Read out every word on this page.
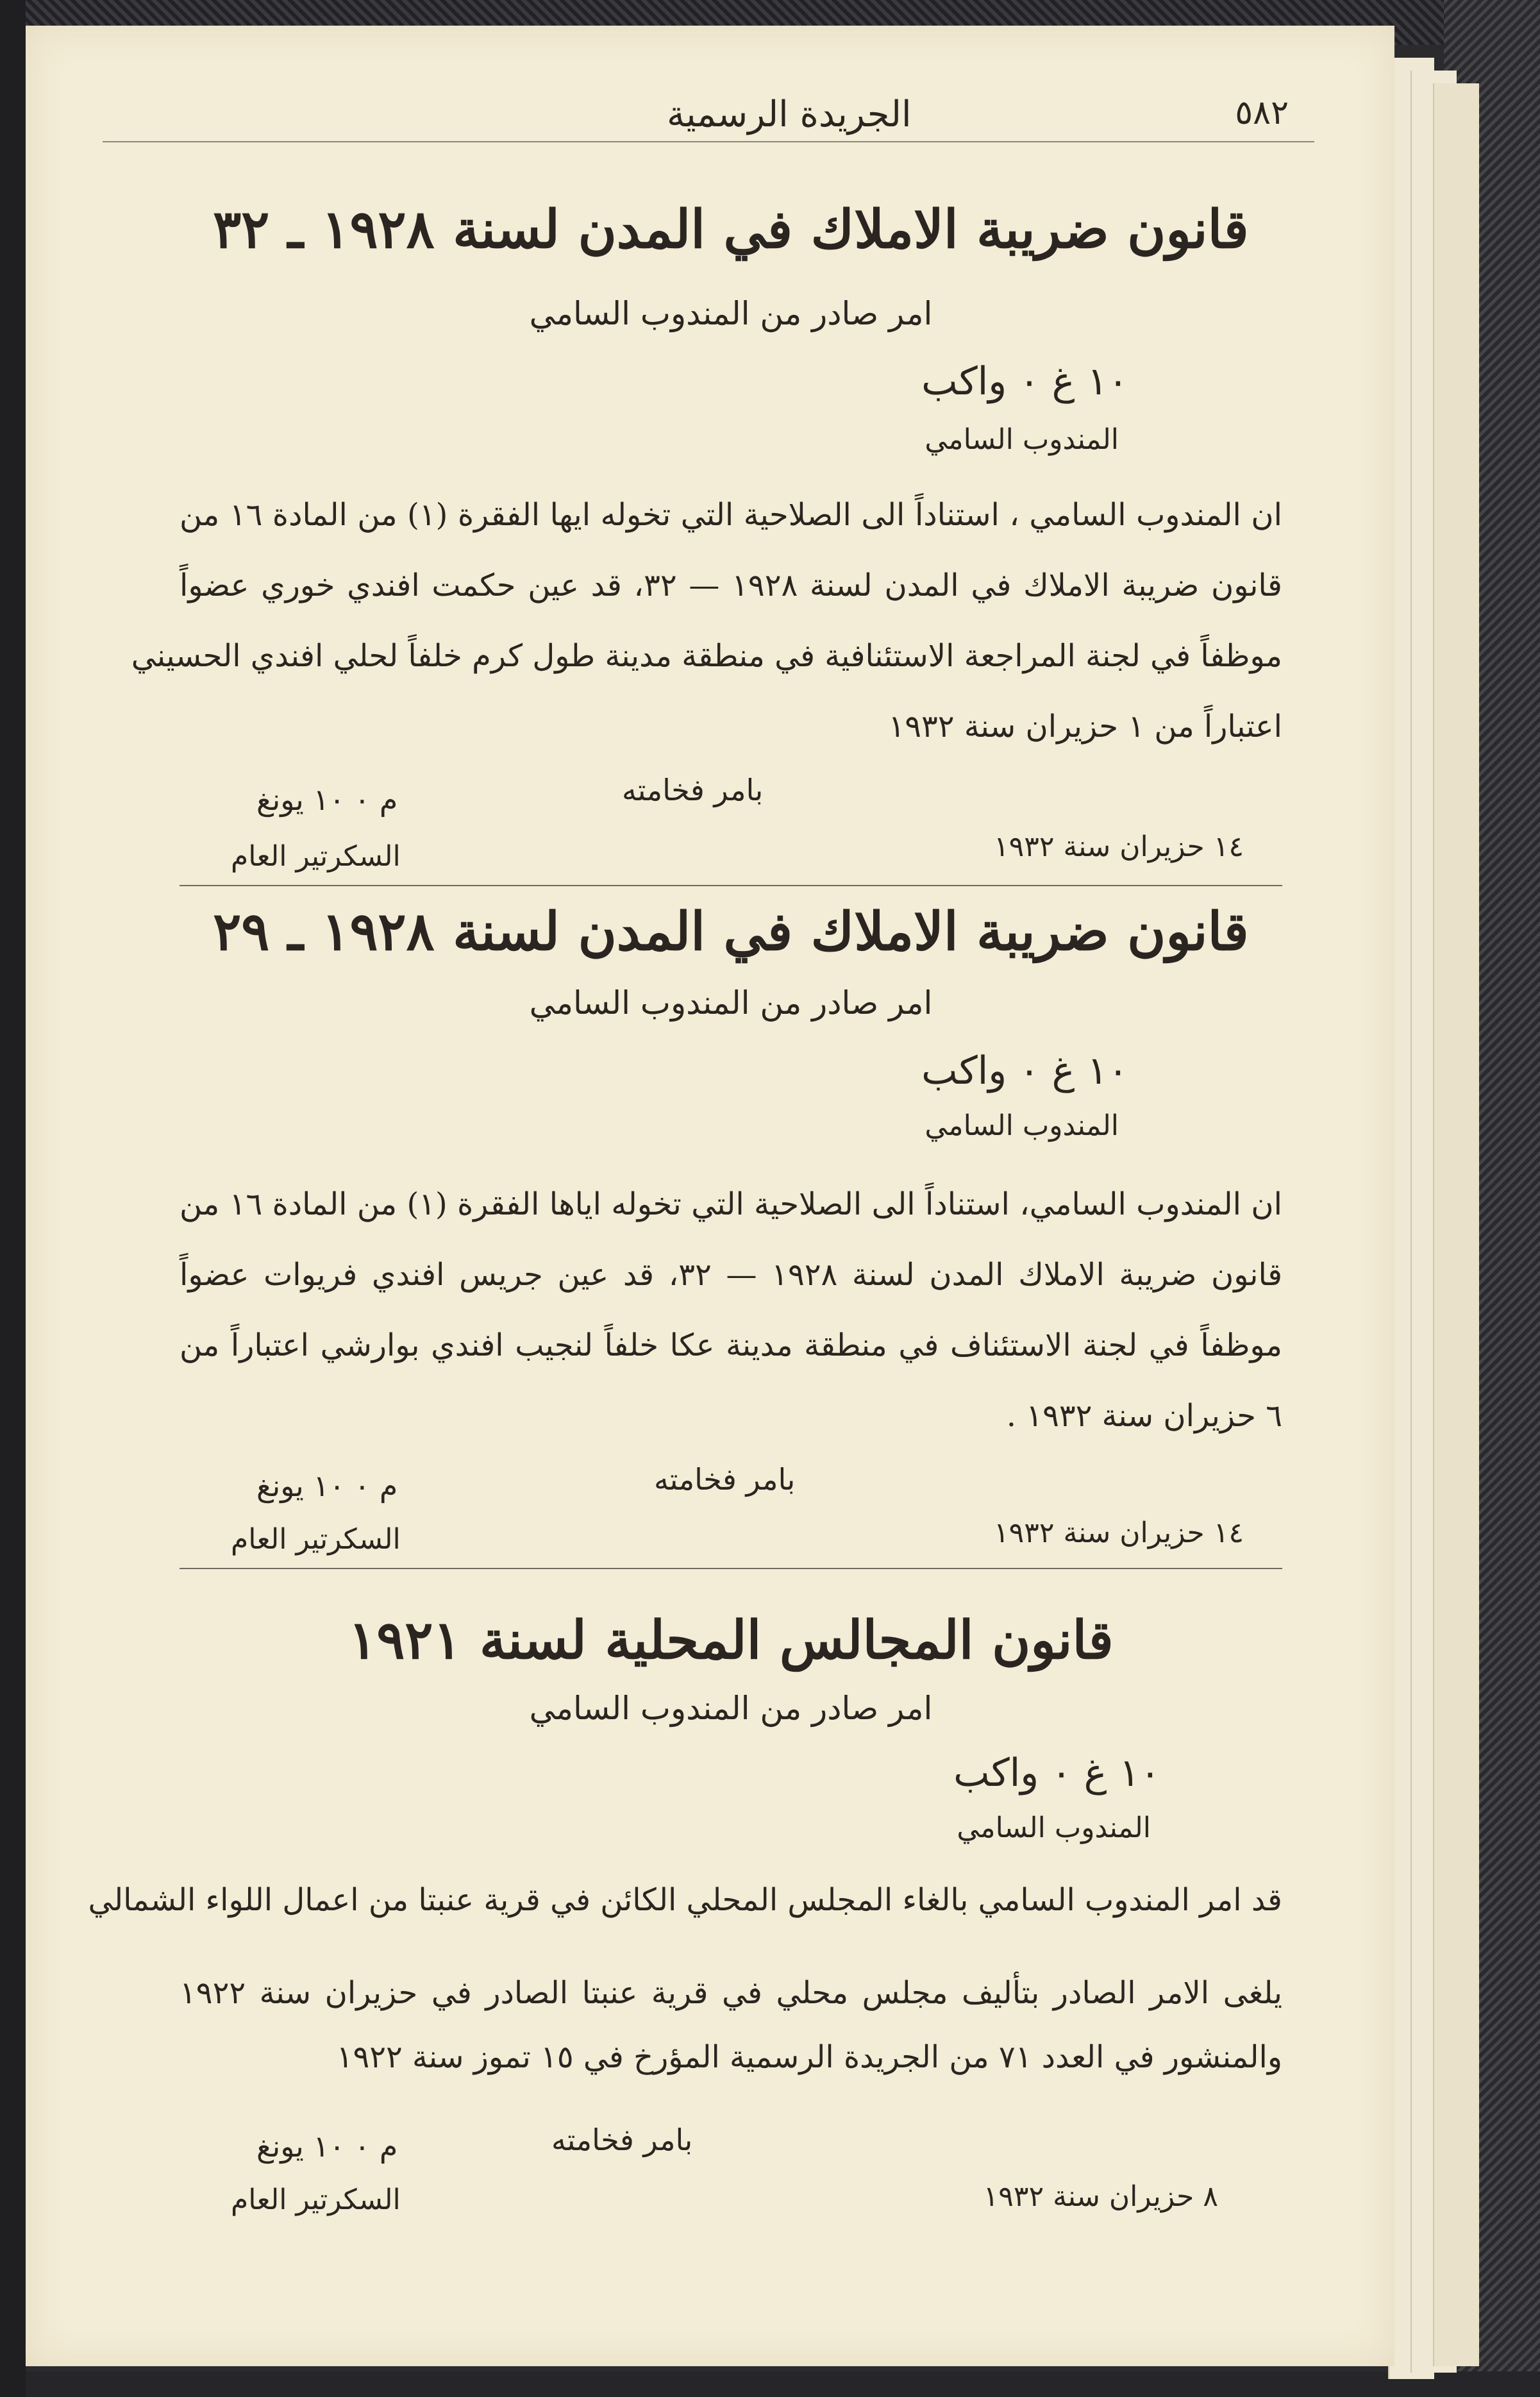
٥٨٢
الجريدة الرسمية
قانون ضريبة الاملاك في المدن لسنة ١٩٢٨ ـ ٣٢
امر صادر من المندوب السامي
١٠ غ ٠ واكب
المندوب السامي
ان المندوب السامي ، استناداً الى الصلاحية التي تخوله ايها الفقرة (١) من المادة ١٦ من
قانون ضريبة الاملاك في المدن لسنة ١٩٢٨ — ٣٢، قد عين حكمت افندي خوري عضواً
موظفاً في لجنة المراجعة الاستئنافية في منطقة مدينة طول كرم خلفاً لحلي افندي الحسيني
اعتباراً من ١ حزيران سنة ١٩٣٢
بامر فخامته
م ٠ ١٠ يونغ
السكرتير العام	١٤ حزيران سنة ١٩٣٢
قانون ضريبة الاملاك في المدن لسنة ١٩٢٨ ـ ٢٩
امر صادر من المندوب السامي
١٠ غ ٠ واكب
المندوب السامي
ان المندوب السامي، استناداً الى الصلاحية التي تخوله اياها الفقرة (١) من المادة ١٦ من
قانون ضريبة الاملاك المدن لسنة ١٩٢٨ — ٣٢، قد عين جريس افندي فريوات عضواً
موظفاً في لجنة الاستئناف في منطقة مدينة عكا خلفاً لنجيب افندي بوارشي اعتباراً من
٦ حزيران سنة ١٩٣٢ .
بامر فخامته
م ٠ ١٠ يونغ
السكرتير العام	١٤ حزيران سنة ١٩٣٢
قانون المجالس المحلية لسنة ١٩٢١
امر صادر من المندوب السامي
١٠ غ ٠ واكب
المندوب السامي
قد امر المندوب السامي بالغاء المجلس المحلي الكائن في قرية عنبتا من اعمال اللواء الشمالي
يلغى الامر الصادر بتأليف مجلس محلي في قرية عنبتا الصادر في حزيران سنة ١٩٢٢
والمنشور في العدد ٧١ من الجريدة الرسمية المؤرخ في ١٥ تموز سنة ١٩٢٢
بامر فخامته
م ٠ ١٠ يونغ
السكرتير العام	٨ حزيران سنة ١٩٣٢
